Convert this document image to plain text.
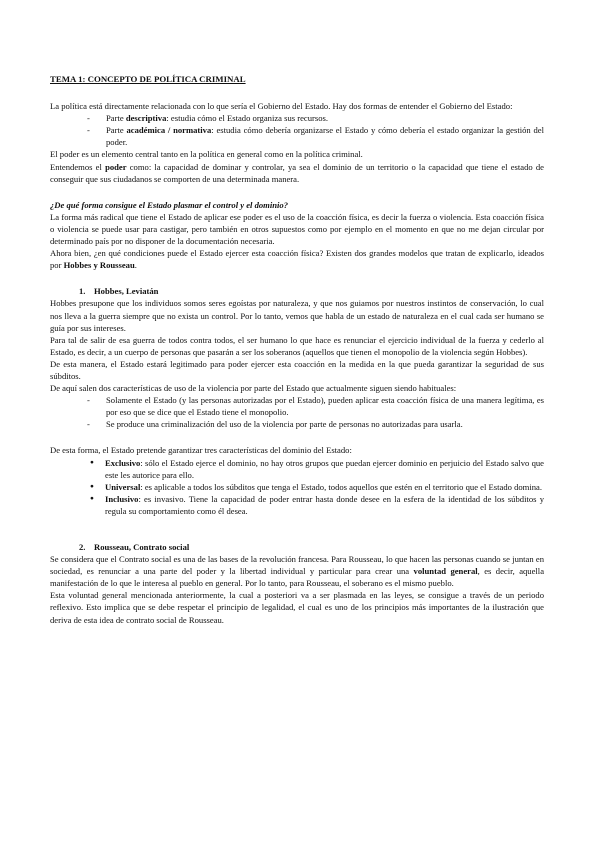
TEMA 1: CONCEPTO DE POLÍTICA CRIMINAL

La política está directamente relacionada con lo que sería el Gobierno del Estado. Hay dos formas de entender el Gobierno del Estado:

- Parte descriptiva: estudia cómo el Estado organiza sus recursos.
- Parte académica / normativa: estudia cómo debería organizarse el Estado y cómo debería el estado organizar la gestión del poder.

El poder es un elemento central tanto en la política en general como en la política criminal.

Entendemos el poder como: la capacidad de dominar y controlar, ya sea el dominio de un territorio o la capacidad que tiene el estado de conseguir que sus ciudadanos se comporten de una determinada manera.

¿De qué forma consigue el Estado plasmar el control y el dominio?

La forma más radical que tiene el Estado de aplicar ese poder es el uso de la coacción física, es decir la fuerza o violencia. Esta coacción física o violencia se puede usar para castigar, pero también en otros supuestos como por ejemplo en el momento en que no me dejan circular por determinado país por no disponer de la documentación necesaria.

Ahora bien, ¿en qué condiciones puede el Estado ejercer esta coacción física? Existen dos grandes modelos que tratan de explicarlo, ideados por Hobbes y Rousseau.

1. Hobbes, Leviatán

Hobbes presupone que los individuos somos seres egoístas por naturaleza, y que nos guiamos por nuestros instintos de conservación, lo cual nos lleva a la guerra siempre que no exista un control. Por lo tanto, vemos que habla de un estado de naturaleza en el cual cada ser humano se guía por sus intereses.

Para tal de salir de esa guerra de todos contra todos, el ser humano lo que hace es renunciar el ejercicio individual de la fuerza y cederlo al Estado, es decir, a un cuerpo de personas que pasarán a ser los soberanos (aquellos que tienen el monopolio de la violencia según Hobbes).

De esta manera, el Estado estará legitimado para poder ejercer esta coacción en la medida en la que pueda garantizar la seguridad de sus súbditos.

De aquí salen dos características de uso de la violencia por parte del Estado que actualmente siguen siendo habituales:

- Solamente el Estado (y las personas autorizadas por el Estado), pueden aplicar esta coacción física de una manera legítima, es por eso que se dice que el Estado tiene el monopolio.
- Se produce una criminalización del uso de la violencia por parte de personas no autorizadas para usarla.

De esta forma, el Estado pretende garantizar tres características del dominio del Estado:

● Exclusivo: sólo el Estado ejerce el dominio, no hay otros grupos que puedan ejercer dominio en perjuicio del Estado salvo que este les autorice para ello.
● Universal: es aplicable a todos los súbditos que tenga el Estado, todos aquellos que estén en el territorio que el Estado domina.
● Inclusivo: es invasivo. Tiene la capacidad de poder entrar hasta donde desee en la esfera de la identidad de los súbditos y regula su comportamiento como él desea.

2. Rousseau, Contrato social

Se considera que el Contrato social es una de las bases de la revolución francesa. Para Rousseau, lo que hacen las personas cuando se juntan en sociedad, es renunciar a una parte del poder y la libertad individual y particular para crear una voluntad general, es decir, aquella manifestación de lo que le interesa al pueblo en general. Por lo tanto, para Rousseau, el soberano es el mismo pueblo.

Esta voluntad general mencionada anteriormente, la cual a posteriori va a ser plasmada en las leyes, se consigue a través de un periodo reflexivo. Esto implica que se debe respetar el principio de legalidad, el cual es uno de los principios más importantes de la ilustración que deriva de esta idea de contrato social de Rousseau.
